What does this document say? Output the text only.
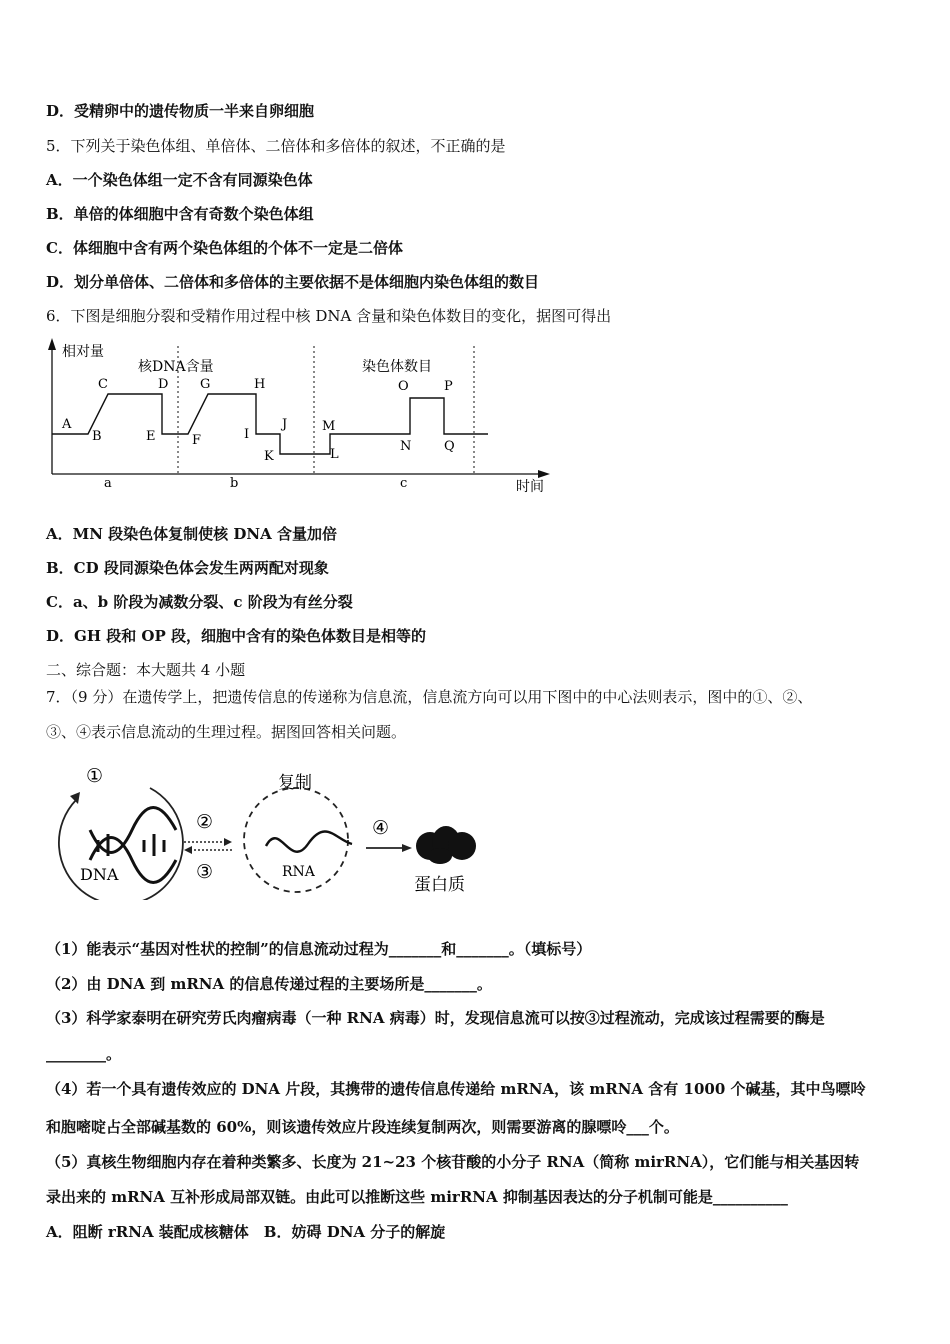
D．受精卵中的遗传物质一半来自卵细胞
5．下列关于染色体组、单倍体、二倍体和多倍体的叙述，不正确的是
A．一个染色体组一定不含有同源染色体
B．单倍的体细胞中含有奇数个染色体组
C．体细胞中含有两个染色体组的个体不一定是二倍体
D．划分单倍体、二倍体和多倍体的主要依据不是体细胞内染色体组的数目
6．下图是细胞分裂和受精作用过程中核 DNA 含量和染色体数目的变化，据图可得出
相对量
时间
核DNA含量	染色体数目
A
B
C	D
E	F
G	H
I
J
K	L
M
N
O	P
Q
a	b	c
A．MN 段染色体复制使核 DNA 含量加倍
B．CD 段同源染色体会发生两两配对现象
C．a、b 阶段为减数分裂、c 阶段为有丝分裂
D．GH 段和 OP 段，细胞中含有的染色体数目是相等的
二、综合题：本大题共 4 小题
7．（9 分）在遗传学上，把遗传信息的传递称为信息流，信息流方向可以用下图中的中心法则表示，图中的①、②、
③、④表示信息流动的生理过程。据图回答相关问题。
①
DNA
②
③
复制
RNA
④
蛋白质
（1）能表示“基因对性状的控制”的信息流动过程为_______和_______。（填标号）
（2）由 DNA 到 mRNA 的信息传递过程的主要场所是_______。
（3）科学家泰明在研究劳氏肉瘤病毒（一种 RNA 病毒）时，发现信息流可以按③过程流动，完成该过程需要的酶是
________。
（4）若一个具有遗传效应的 DNA 片段，其携带的遗传信息传递给 mRNA，该 mRNA 含有 1000 个碱基，其中鸟嘌呤
和胞嘧啶占全部碱基数的 60%，则该遗传效应片段连续复制两次，则需要游离的腺嘌呤___个。
（5）真核生物细胞内存在着种类繁多、长度为 21~23 个核苷酸的小分子 RNA（简称 mirRNA），它们能与相关基因转
录出来的 mRNA 互补形成局部双链。由此可以推断这些 mirRNA 抑制基因表达的分子机制可能是__________
A．阻断 rRNA 装配成核糖体　B．妨碍 DNA 分子的解旋
